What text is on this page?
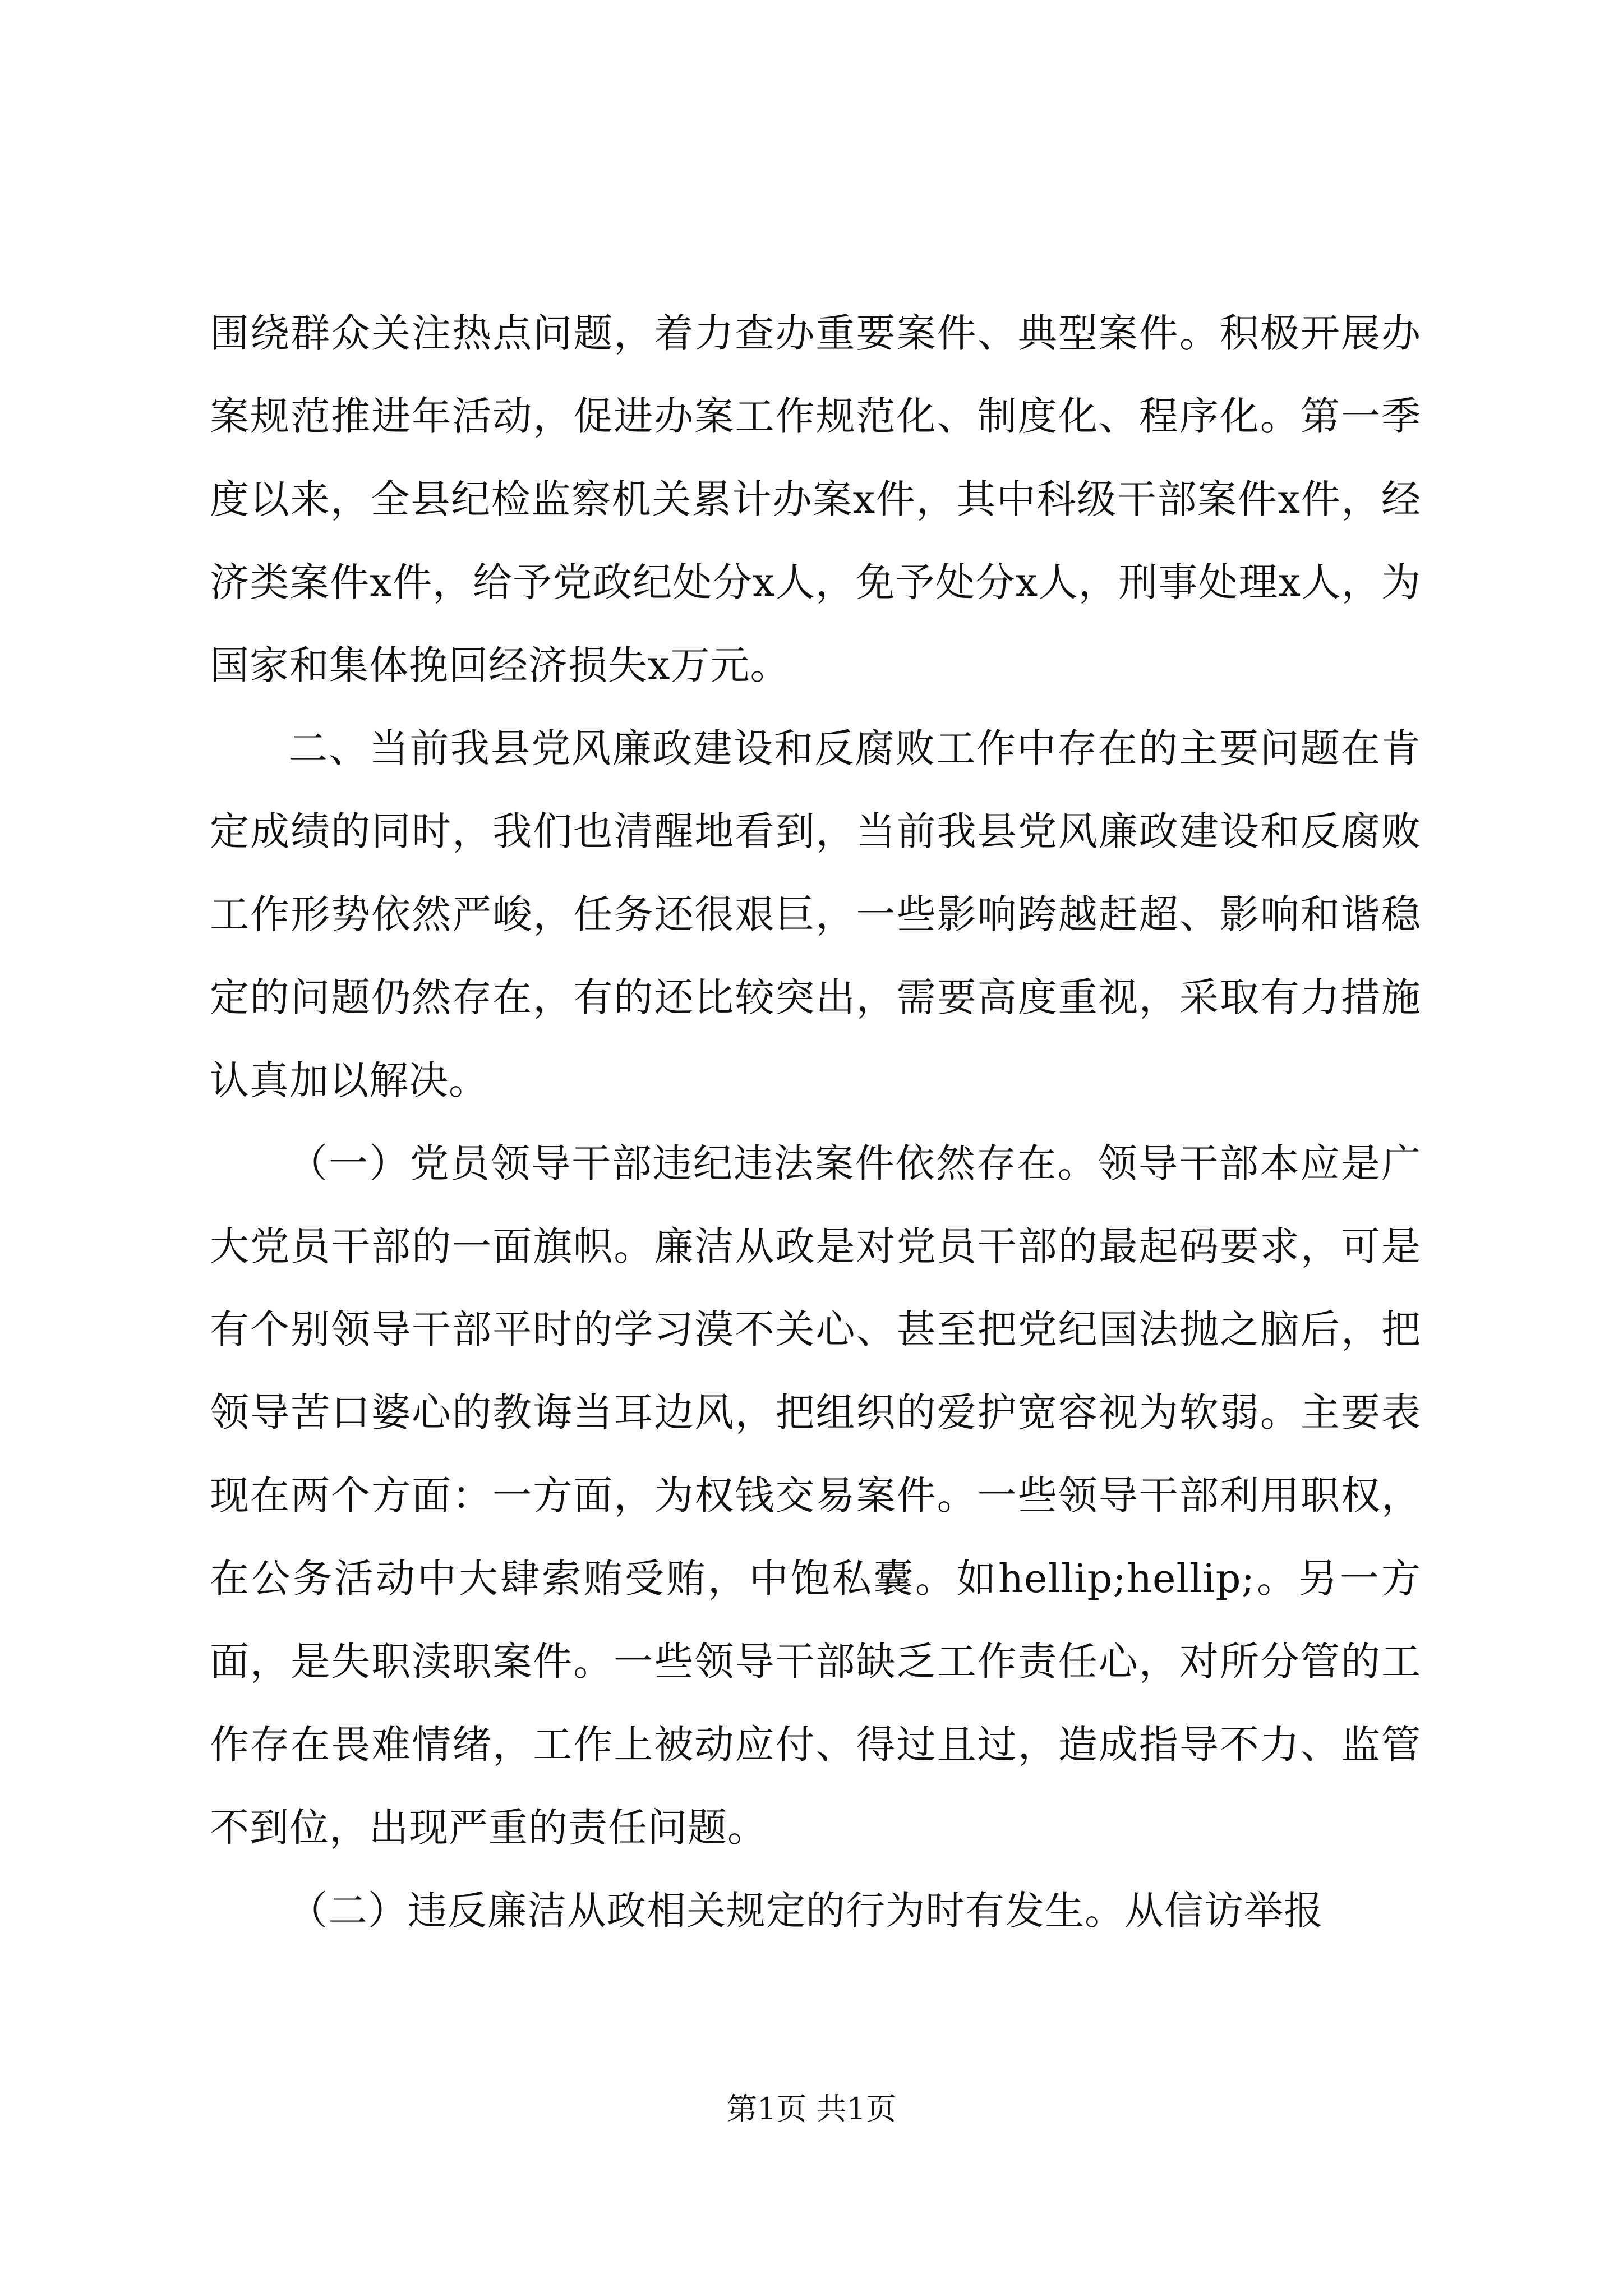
围绕群众关注热点问题，着力查办重要案件、典型案件。积极开展办案规范推进年活动，促进办案工作规范化、制度化、程序化。第一季度以来，全县纪检监察机关累计办案x件，其中科级干部案件x件，经济类案件x件，给予党政纪处分x人，免予处分x人，刑事处理x人，为国家和集体挽回经济损失x万元。

二、当前我县党风廉政建设和反腐败工作中存在的主要问题在肯定成绩的同时，我们也清醒地看到，当前我县党风廉政建设和反腐败工作形势依然严峻，任务还很艰巨，一些影响跨越赶超、影响和谐稳定的问题仍然存在，有的还比较突出，需要高度重视，采取有力措施认真加以解决。

（一）党员领导干部违纪违法案件依然存在。领导干部本应是广大党员干部的一面旗帜。廉洁从政是对党员干部的最起码要求，可是有个别领导干部平时的学习漠不关心、甚至把党纪国法抛之脑后，把领导苦口婆心的教诲当耳边风，把组织的爱护宽容视为软弱。主要表现在两个方面：一方面，为权钱交易案件。一些领导干部利用职权，在公务活动中大肆索贿受贿，中饱私囊。如hellip;hellip;。另一方面，是失职渎职案件。一些领导干部缺乏工作责任心，对所分管的工作存在畏难情绪，工作上被动应付、得过且过，造成指导不力、监管不到位，出现严重的责任问题。

（二）违反廉洁从政相关规定的行为时有发生。从信访举报

第1页 共1页
